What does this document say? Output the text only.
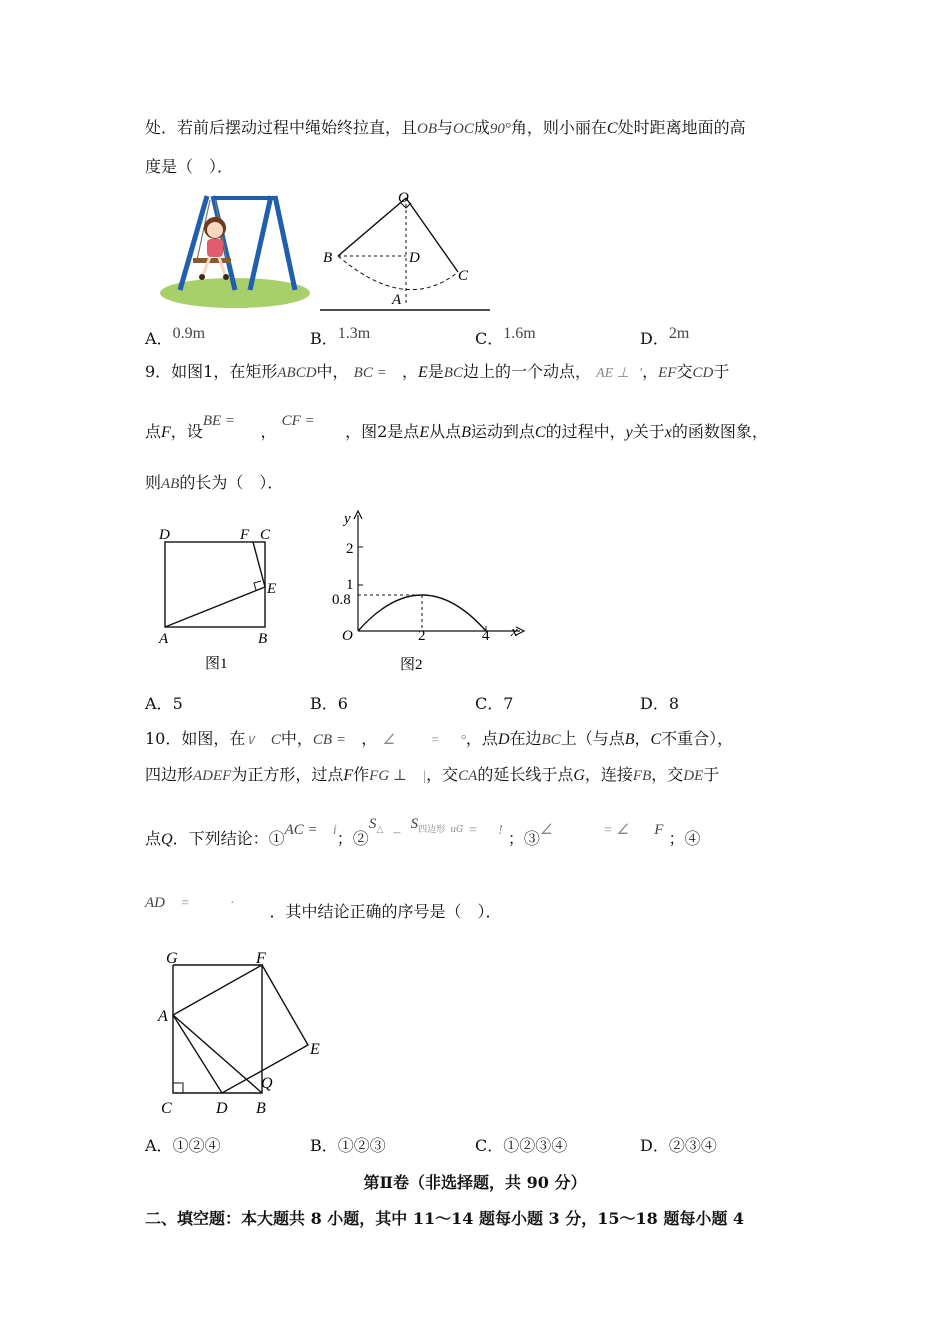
处．若前后摆动过程中绳始终拉直，且OB与OC成90°角，则小丽在C处时距离地面的高
度是（　）．
O
B	D
C
A
A．0.9m	B．1.3m	C．1.6m	D．2m
9．如图1，在矩形ABCD中， BC = ，E是BC边上的一个动点， AE ⊥ ′，EF交CD于
点F，设BE =     ， CF =      ，图2是点E从点B运动到点C的过程中，y关于x的函数图象，
则AB的长为（　）．
D	F C
E
A	B
图1
y
x
O
2
1
0.8
2	4
图2
A．5	B．6	C．7	D．8
10．如图，在∨ C中，CB = ， ∠	= °，点D在边BC上（与点B，C不重合），
四边形ADEF为正方形，过点F作FG ⊥ |，交CA的延长线于点G，连接FB，交DE于
点Q．下列结论：①AC = i；②S△ –  $S^{四边形}$ $^{uG}$ = ! ；③∠	= ∠ F ；④
AD =	· ．其中结论正确的序号是（　）．
G	F
A
E
Q
C	D B
A．①②④	B．①②③	C．①②③④	D．②③④
第Ⅱ卷（非选择题，共 90 分）
二、填空题：本大题共 8 小题，其中 11～14 题每小题 3 分，15～18 题每小题 4
